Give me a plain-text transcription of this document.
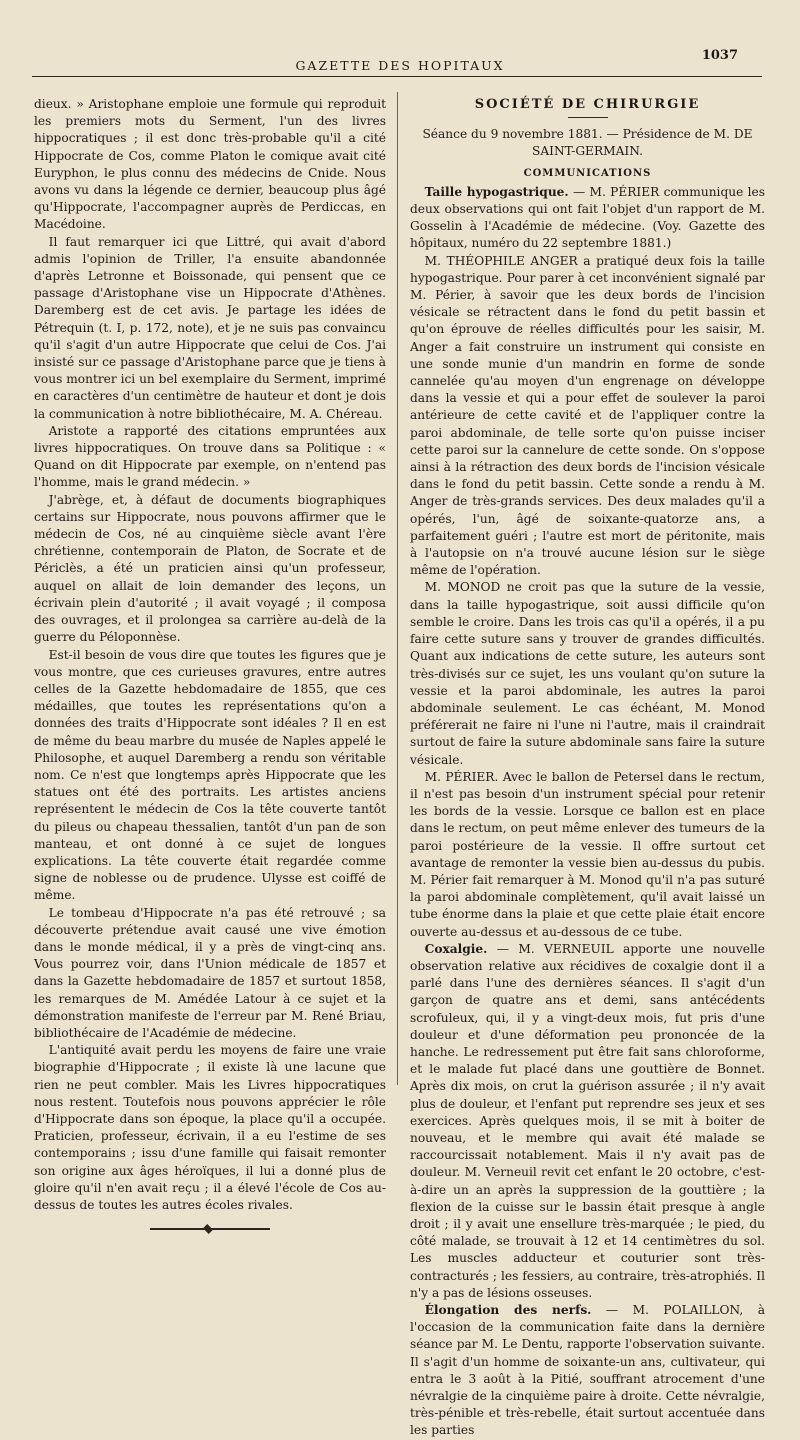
GAZETTE DES HOPITAUX
1037

dieux. » Aristophane emploie une formule qui reproduit les premiers mots du Serment, l'un des livres hippocratiques ; il est donc très-probable qu'il a cité Hippocrate de Cos, comme Platon le comique avait cité Euryphon, le plus connu des médecins de Cnide. Nous avons vu dans la légende ce dernier, beaucoup plus âgé qu'Hippocrate, l'accompagner auprès de Perdiccas, en Macédoine.

Il faut remarquer ici que Littré, qui avait d'abord admis l'opinion de Triller, l'a ensuite abandonnée d'après Letronne et Boissonade, qui pensent que ce passage d'Aristophane vise un Hippocrate d'Athènes. Daremberg est de cet avis. Je partage les idées de Pétrequin (t. I, p. 172, note), et je ne suis pas convaincu qu'il s'agit d'un autre Hippocrate que celui de Cos. J'ai insisté sur ce passage d'Aristophane parce que je tiens à vous montrer ici un bel exemplaire du Serment, imprimé en caractères d'un centimètre de hauteur et dont je dois la communication à notre bibliothécaire, M. A. Chéreau.

Aristote a rapporté des citations empruntées aux livres hippocratiques. On trouve dans sa Politique : « Quand on dit Hippocrate par exemple, on n'entend pas l'homme, mais le grand médecin. »

J'abrège, et, à défaut de documents biographiques certains sur Hippocrate, nous pouvons affirmer que le médecin de Cos, né au cinquième siècle avant l'ère chrétienne, contemporain de Platon, de Socrate et de Périclès, a été un praticien ainsi qu'un professeur, auquel on allait de loin demander des leçons, un écrivain plein d'autorité ; il avait voyagé ; il composa des ouvrages, et il prolongea sa carrière au-delà de la guerre du Péloponnèse.

Est-il besoin de vous dire que toutes les figures que je vous montre, que ces curieuses gravures, entre autres celles de la Gazette hebdomadaire de 1855, que ces médailles, que toutes les représentations qu'on a données des traits d'Hippocrate sont idéales ? Il en est de même du beau marbre du musée de Naples appelé le Philosophe, et auquel Daremberg a rendu son véritable nom. Ce n'est que longtemps après Hippocrate que les statues ont été des portraits. Les artistes anciens représentent le médecin de Cos la tête couverte tantôt du pileus ou chapeau thessalien, tantôt d'un pan de son manteau, et ont donné à ce sujet de longues explications. La tête couverte était regardée comme signe de noblesse ou de prudence. Ulysse est coiffé de même.

Le tombeau d'Hippocrate n'a pas été retrouvé ; sa découverte prétendue avait causé une vive émotion dans le monde médical, il y a près de vingt-cinq ans. Vous pourrez voir, dans l'Union médicale de 1857 et dans la Gazette hebdomadaire de 1857 et surtout 1858, les remarques de M. Amédée Latour à ce sujet et la démonstration manifeste de l'erreur par M. René Briau, bibliothécaire de l'Académie de médecine.

L'antiquité avait perdu les moyens de faire une vraie biographie d'Hippocrate ; il existe là une lacune que rien ne peut combler. Mais les Livres hippocratiques nous restent. Toutefois nous pouvons apprécier le rôle d'Hippocrate dans son époque, la place qu'il a occupée. Praticien, professeur, écrivain, il a eu l'estime de ses contemporains ; issu d'une famille qui faisait remonter son origine aux âges héroïques, il lui a donné plus de gloire qu'il n'en avait reçu ; il a élevé l'école de Cos au-dessus de toutes les autres écoles rivales.

SOCIÉTÉ DE CHIRURGIE
Séance du 9 novembre 1881. — Présidence de M. DE SAINT-GERMAIN.
COMMUNICATIONS

Taille hypogastrique. — M. PÉRIER communique les deux observations qui ont fait l'objet d'un rapport de M. Gosselin à l'Académie de médecine. (Voy. Gazette des hôpitaux, numéro du 22 septembre 1881.)

M. THÉOPHILE ANGER a pratiqué deux fois la taille hypogastrique. Pour parer à cet inconvénient signalé par M. Périer, à savoir que les deux bords de l'incision vésicale se rétractent dans le fond du petit bassin et qu'on éprouve de réelles difficultés pour les saisir, M. Anger a fait construire un instrument qui consiste en une sonde munie d'un mandrin en forme de sonde cannelée qu'au moyen d'un engrenage on développe dans la vessie et qui a pour effet de soulever la paroi antérieure de cette cavité et de l'appliquer contre la paroi abdominale, de telle sorte qu'on puisse inciser cette paroi sur la cannelure de cette sonde. On s'oppose ainsi à la rétraction des deux bords de l'incision vésicale dans le fond du petit bassin. Cette sonde a rendu à M. Anger de très-grands services. Des deux malades qu'il a opérés, l'un, âgé de soixante-quatorze ans, a parfaitement guéri ; l'autre est mort de péritonite, mais à l'autopsie on n'a trouvé aucune lésion sur le siège même de l'opération.

M. MONOD ne croit pas que la suture de la vessie, dans la taille hypogastrique, soit aussi difficile qu'on semble le croire. Dans les trois cas qu'il a opérés, il a pu faire cette suture sans y trouver de grandes difficultés. Quant aux indications de cette suture, les auteurs sont très-divisés sur ce sujet, les uns voulant qu'on suture la vessie et la paroi abdominale, les autres la paroi abdominale seulement. Le cas échéant, M. Monod préférerait ne faire ni l'une ni l'autre, mais il craindrait surtout de faire la suture abdominale sans faire la suture vésicale.

M. PÉRIER. Avec le ballon de Petersel dans le rectum, il n'est pas besoin d'un instrument spécial pour retenir les bords de la vessie. Lorsque ce ballon est en place dans le rectum, on peut même enlever des tumeurs de la paroi postérieure de la vessie. Il offre surtout cet avantage de remonter la vessie bien au-dessus du pubis. M. Périer fait remarquer à M. Monod qu'il n'a pas suturé la paroi abdominale complètement, qu'il avait laissé un tube énorme dans la plaie et que cette plaie était encore ouverte au-dessus et au-dessous de ce tube.

Coxalgie. — M. VERNEUIL apporte une nouvelle observation relative aux récidives de coxalgie dont il a parlé dans l'une des dernières séances. Il s'agit d'un garçon de quatre ans et demi, sans antécédents scrofuleux, qui, il y a vingt-deux mois, fut pris d'une douleur et d'une déformation peu prononcée de la hanche. Le redressement put être fait sans chloroforme, et le malade fut placé dans une gouttière de Bonnet. Après dix mois, on crut la guérison assurée ; il n'y avait plus de douleur, et l'enfant put reprendre ses jeux et ses exercices. Après quelques mois, il se mit à boiter de nouveau, et le membre qui avait été malade se raccourcissait notablement. Mais il n'y avait pas de douleur. M. Verneuil revit cet enfant le 20 octobre, c'est-à-dire un an après la suppression de la gouttière ; la flexion de la cuisse sur le bassin était presque à angle droit ; il y avait une ensellure très-marquée ; le pied, du côté malade, se trouvait à 12 et 14 centimètres du sol. Les muscles adducteur et couturier sont très-contracturés ; les fessiers, au contraire, très-atrophiés. Il n'y a pas de lésions osseuses.

Élongation des nerfs. — M. POLAILLON, à l'occasion de la communication faite dans la dernière séance par M. Le Dentu, rapporte l'observation suivante. Il s'agit d'un homme de soixante-un ans, cultivateur, qui entra le 3 août à la Pitié, souffrant atrocement d'une névralgie de la cinquième paire à droite. Cette névralgie, très-pénible et très-rebelle, était surtout accentuée dans les parties
